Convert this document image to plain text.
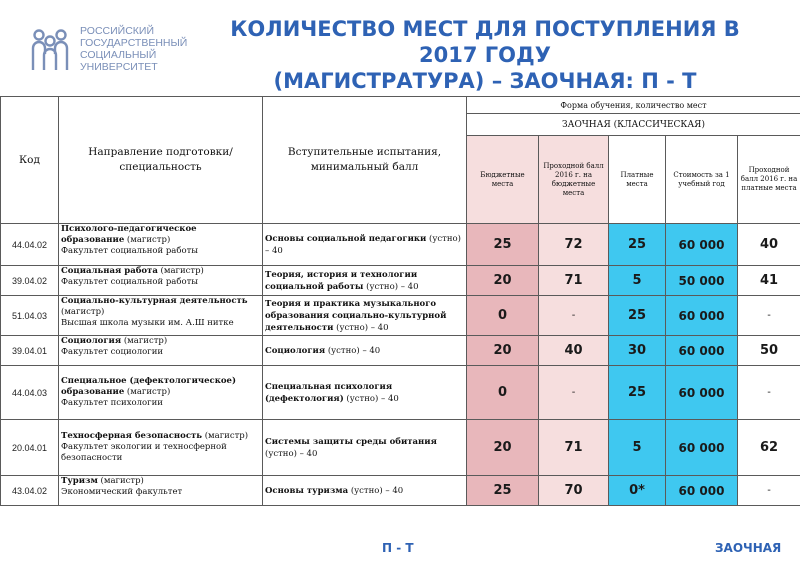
РОССИЙСКИЙ
ГОСУДАРСТВЕННЫЙ
СОЦИАЛЬНЫЙ
УНИВЕРСИТЕТ
КОЛИЧЕСТВО МЕСТ ДЛЯ ПОСТУПЛЕНИЯ В
2017 ГОДУ
(МАГИСТРАТУРА) – ЗАОЧНАЯ: П - Т
Код	Направление подготовки/ специальность	Вступительные испытания, минимальный балл	Форма обучения, количество мест				
			ЗАОЧНАЯ (КЛАССИЧЕСКАЯ)				
			Бюджетные места	Проходной балл 2016 г. на бюджетные места	Платные места	Стоимость за 1 учебный год	Проходной балл 2016 г. на платные места
44.04.02	Психолого-педагогическое образование (магистр)
Факультет социальной работы	Основы социальной педагогики (устно) – 40	25	72	25	60 000	40
39.04.02	Социальная работа (магистр)
Факультет социальной работы	Теория, история и технологии социальной работы (устно) – 40	20	71	5	50 000	41
51.04.03	Социально-культурная деятельность (магистр)
Высшая школа музыки им. А.Ш нитке	Теория и практика музыкального образования социально-культурной деятельности (устно) – 40	0	-	25	60 000	-
39.04.01	Социология (магистр)
Факультет социологии	Социология (устно) – 40	20	40	30	60 000	50
44.04.03	Специальное (дефектологическое) образование (магистр)
Факультет психологии	Специальная психология (дефектология) (устно) – 40	0	-	25	60 000	-
20.04.01	Техносферная безопасность (магистр)
Факультет экологии и техносферной безопасности	Системы защиты среды обитания (устно) – 40	20	71	5	60 000	62
43.04.02	Туризм (магистр)
Экономический факультет	Основы туризма (устно) – 40	25	70	0*	60 000	-
П - Т	ЗАОЧНАЯ
